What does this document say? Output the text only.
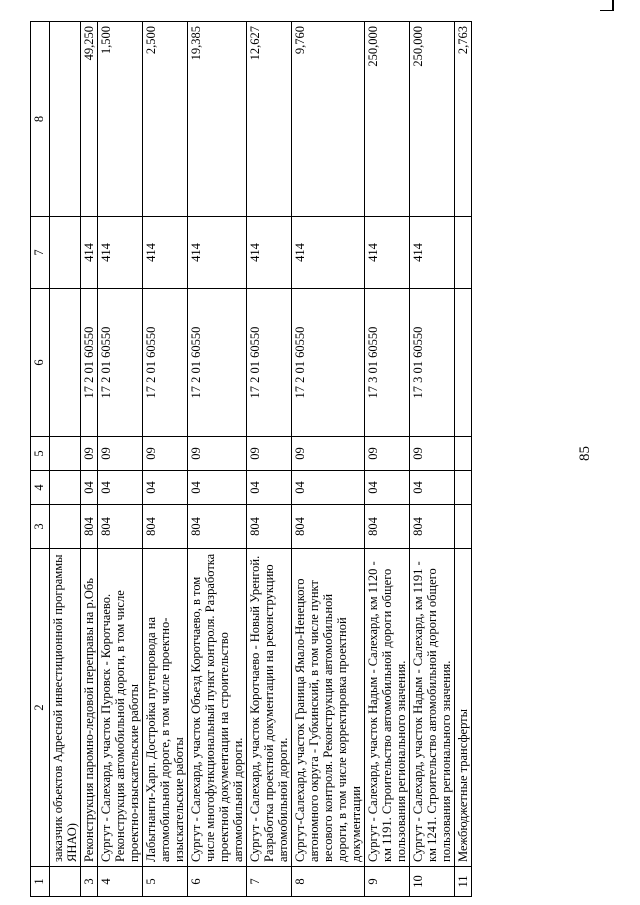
1	2	3	4	5	6	7	8
	заказчик объектов Адресной инвестиционной программы ЯНАО)						
3	Реконструкция паромно-ледовой переправы на р.Обь	804	04	09	17 2 01 60550	414	49,250
4	Сургут - Салехард, участок Пуровск - Коротчаево. Реконструкция автомобильной дороги, в том числе проектно-изыскательские работы	804	04	09	17 2 01 60550	414	1,500
5	Лабытнанги-Харп. Достройка путепровода на автомобильной дороге, в том числе проектно-изыскательские работы	804	04	09	17 2 01 60550	414	2,500
6	Сургут - Салехард, участок Объезд Коротчаево, в том числе многофункциональный пункт контроля. Разработка проектной документации на строительство автомобильной дороги.	804	04	09	17 2 01 60550	414	19,385
7	Сургут - Салехард, участок Коротчаево - Новый Уренгой. Разработка проектной документации на реконструкцию автомобильной дороги.	804	04	09	17 2 01 60550	414	12,627
8	Сургут-Салехард, участок Граница Ямало-Ненецкого автономного округа - Губкинский, в том числе пункт весового контроля. Реконструкция автомобильной дороги, в том числе корректировка проектной документации	804	04	09	17 2 01 60550	414	9,760
9	Сургут - Салехард, участок Надым - Салехард, км 1120 - км 1191. Строительство автомобильной дороги общего пользования регионального значения.	804	04	09	17 3 01 60550	414	250,000
10	Сургут - Салехард, участок Надым - Салехард, км 1191 - км 1241. Строительство автомобильной дороги общего пользования регионального значения.	804	04	09	17 3 01 60550	414	250,000
11	Межбюджетные трансферты						2,763
85
